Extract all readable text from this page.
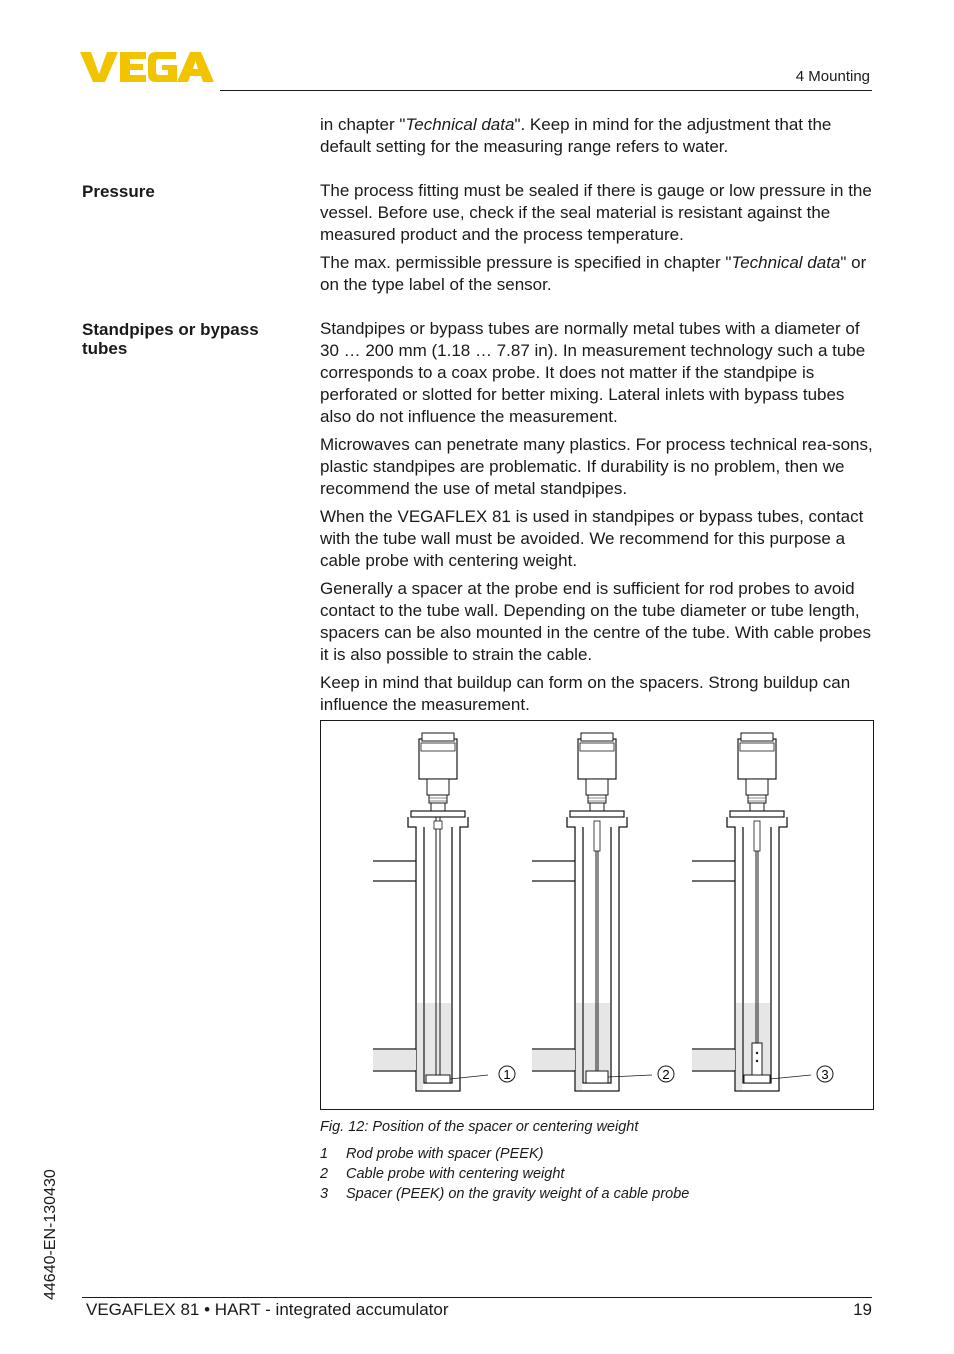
4 Mounting

in chapter "Technical data". Keep in mind for the adjustment that the default setting for the measuring range refers to water.

Pressure	The process fitting must be sealed if there is gauge or low pressure in the vessel. Before use, check if the seal material is resistant against the measured product and the process temperature.

The max. permissible pressure is specified in chapter "Technical data" or on the type label of the sensor.

Standpipes or bypass tubes

Standpipes or bypass tubes are normally metal tubes with a diameter of 30 … 200 mm (1.18 … 7.87 in). In measurement technology such a tube corresponds to a coax probe. It does not matter if the standpipe is perforated or slotted for better mixing. Lateral inlets with bypass tubes also do not influence the measurement.

Microwaves can penetrate many plastics. For process technical rea-sons, plastic standpipes are problematic. If durability is no problem, then we recommend the use of metal standpipes.

When the VEGAFLEX 81 is used in standpipes or bypass tubes, contact with the tube wall must be avoided. We recommend for this purpose a cable probe with centering weight.

Generally a spacer at the probe end is sufficient for rod probes to avoid contact to the tube wall. Depending on the tube diameter or tube length, spacers can be also mounted in the centre of the tube. With cable probes it is also possible to strain the cable.

Keep in mind that buildup can form on the spacers. Strong buildup can influence the measurement.

1	2	3
Fig. 12: Position of the spacer or centering weight
1 Rod probe with spacer (PEEK)
2 Cable probe with centering weight
3 Spacer (PEEK) on the gravity weight of a cable probe
44640-EN-130430
VEGAFLEX 81 • HART - integrated accumulator	19
